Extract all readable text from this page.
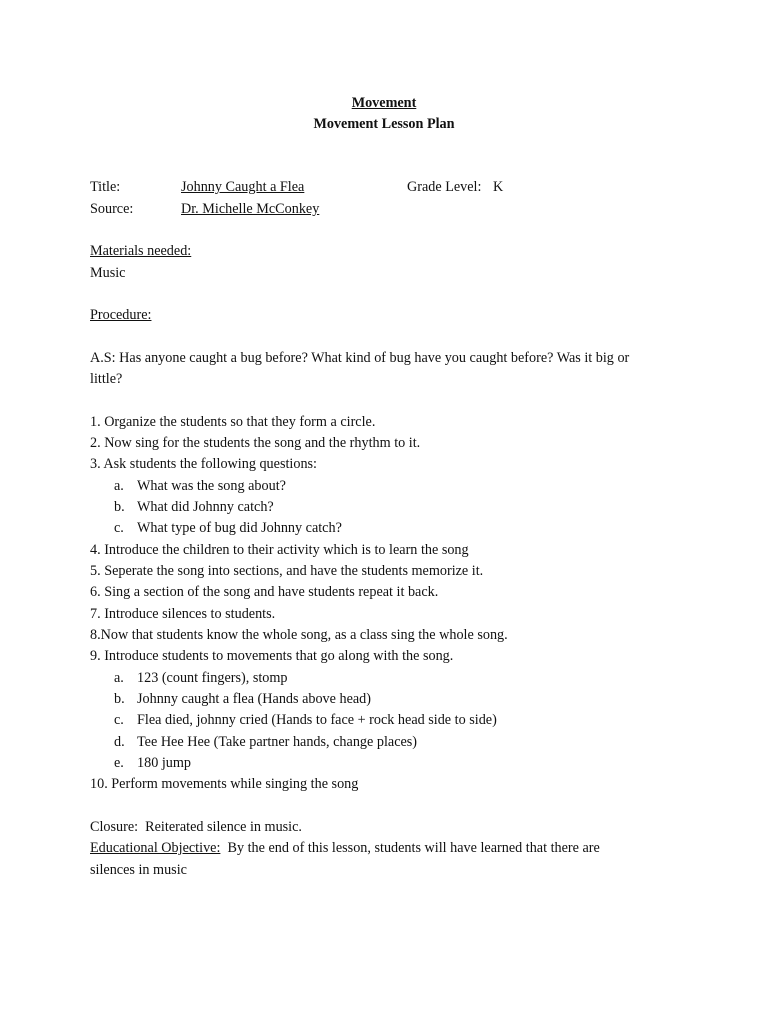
Movement
Movement Lesson Plan
Title:	Johnny Caught a Flea	Grade Level: K
Source:	Dr. Michelle McConkey
Materials needed:
Music
Procedure:
A.S: Has anyone caught a bug before? What kind of bug have you caught before? Was it big or
little?
1. Organize the students so that they form a circle.
2. Now sing for the students the song and the rhythm to it.
3. Ask students the following questions:
a. What was the song about?
b. What did Johnny catch?
c. What type of bug did Johnny catch?
4. Introduce the children to their activity which is to learn the song
5. Seperate the song into sections, and have the students memorize it.
6. Sing a section of the song and have students repeat it back.
7. Introduce silences to students.
8.Now that students know the whole song, as a class sing the whole song.
9. Introduce students to movements that go along with the song.
a. 123 (count fingers), stomp
b. Johnny caught a flea (Hands above head)
c. Flea died, johnny cried (Hands to face + rock head side to side)
d. Tee Hee Hee (Take partner hands, change places)
e. 180 jump
10. Perform movements while singing the song
Closure: Reiterated silence in music.
Educational Objective: By the end of this lesson, students will have learned that there are
silences in music
